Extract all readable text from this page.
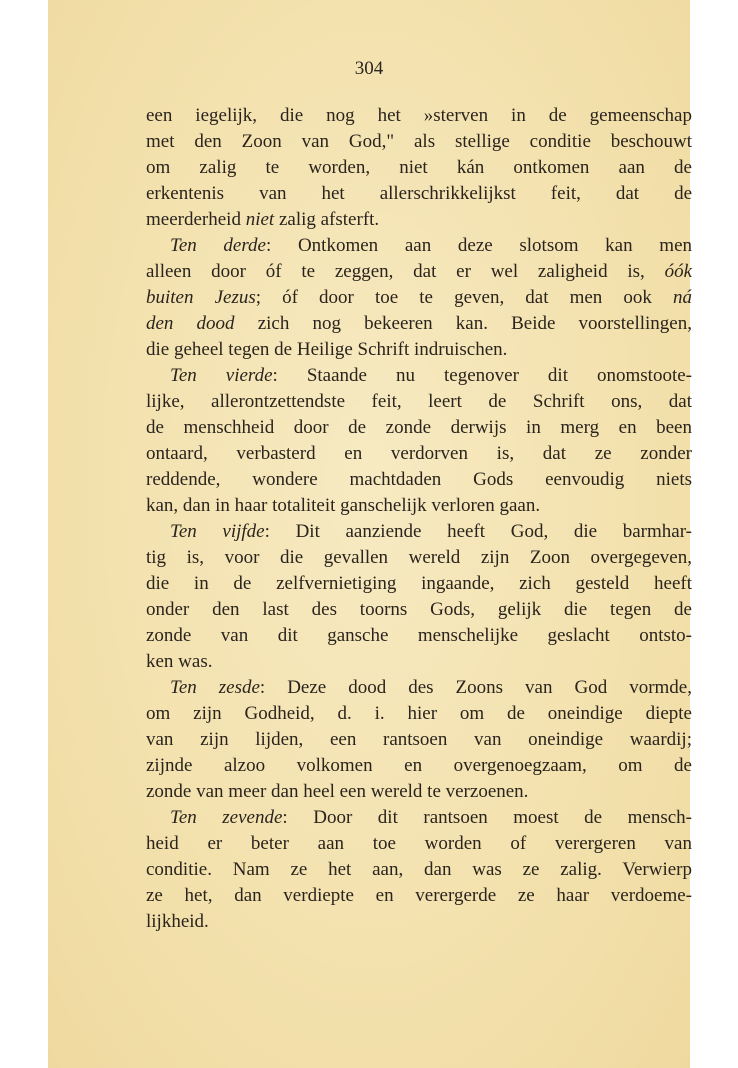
304
een iegelijk, die nog het »sterven in de gemeenschap
met den Zoon van God," als stellige conditie beschouwt
om zalig te worden, niet kán ontkomen aan de
erkentenis van het allerschrikkelijkst feit, dat de
meerderheid niet zalig afsterft.
Ten derde: Ontkomen aan deze slotsom kan men
alleen door óf te zeggen, dat er wel zaligheid is, óók
buiten Jezus; óf door toe te geven, dat men ook ná
den dood zich nog bekeeren kan. Beide voorstellingen,
die geheel tegen de Heilige Schrift indruischen.
Ten vierde: Staande nu tegenover dit onomstoote-
lijke, allerontzettendste feit, leert de Schrift ons, dat
de menschheid door de zonde derwijs in merg en been
ontaard, verbasterd en verdorven is, dat ze zonder
reddende, wondere machtdaden Gods eenvoudig niets
kan, dan in haar totaliteit ganschelijk verloren gaan.
Ten vijfde: Dit aanziende heeft God, die barmhar-
tig is, voor die gevallen wereld zijn Zoon overgegeven,
die in de zelfvernietiging ingaande, zich gesteld heeft
onder den last des toorns Gods, gelijk die tegen de
zonde van dit gansche menschelijke geslacht ontsto-
ken was.
Ten zesde: Deze dood des Zoons van God vormde,
om zijn Godheid, d. i. hier om de oneindige diepte
van zijn lijden, een rantsoen van oneindige waardij;
zijnde alzoo volkomen en overgenoegzaam, om de
zonde van meer dan heel een wereld te verzoenen.
Ten zevende: Door dit rantsoen moest de mensch-
heid er beter aan toe worden of verergeren van
conditie. Nam ze het aan, dan was ze zalig. Verwierp
ze het, dan verdiepte en verergerde ze haar verdoeme-
lijkheid.
